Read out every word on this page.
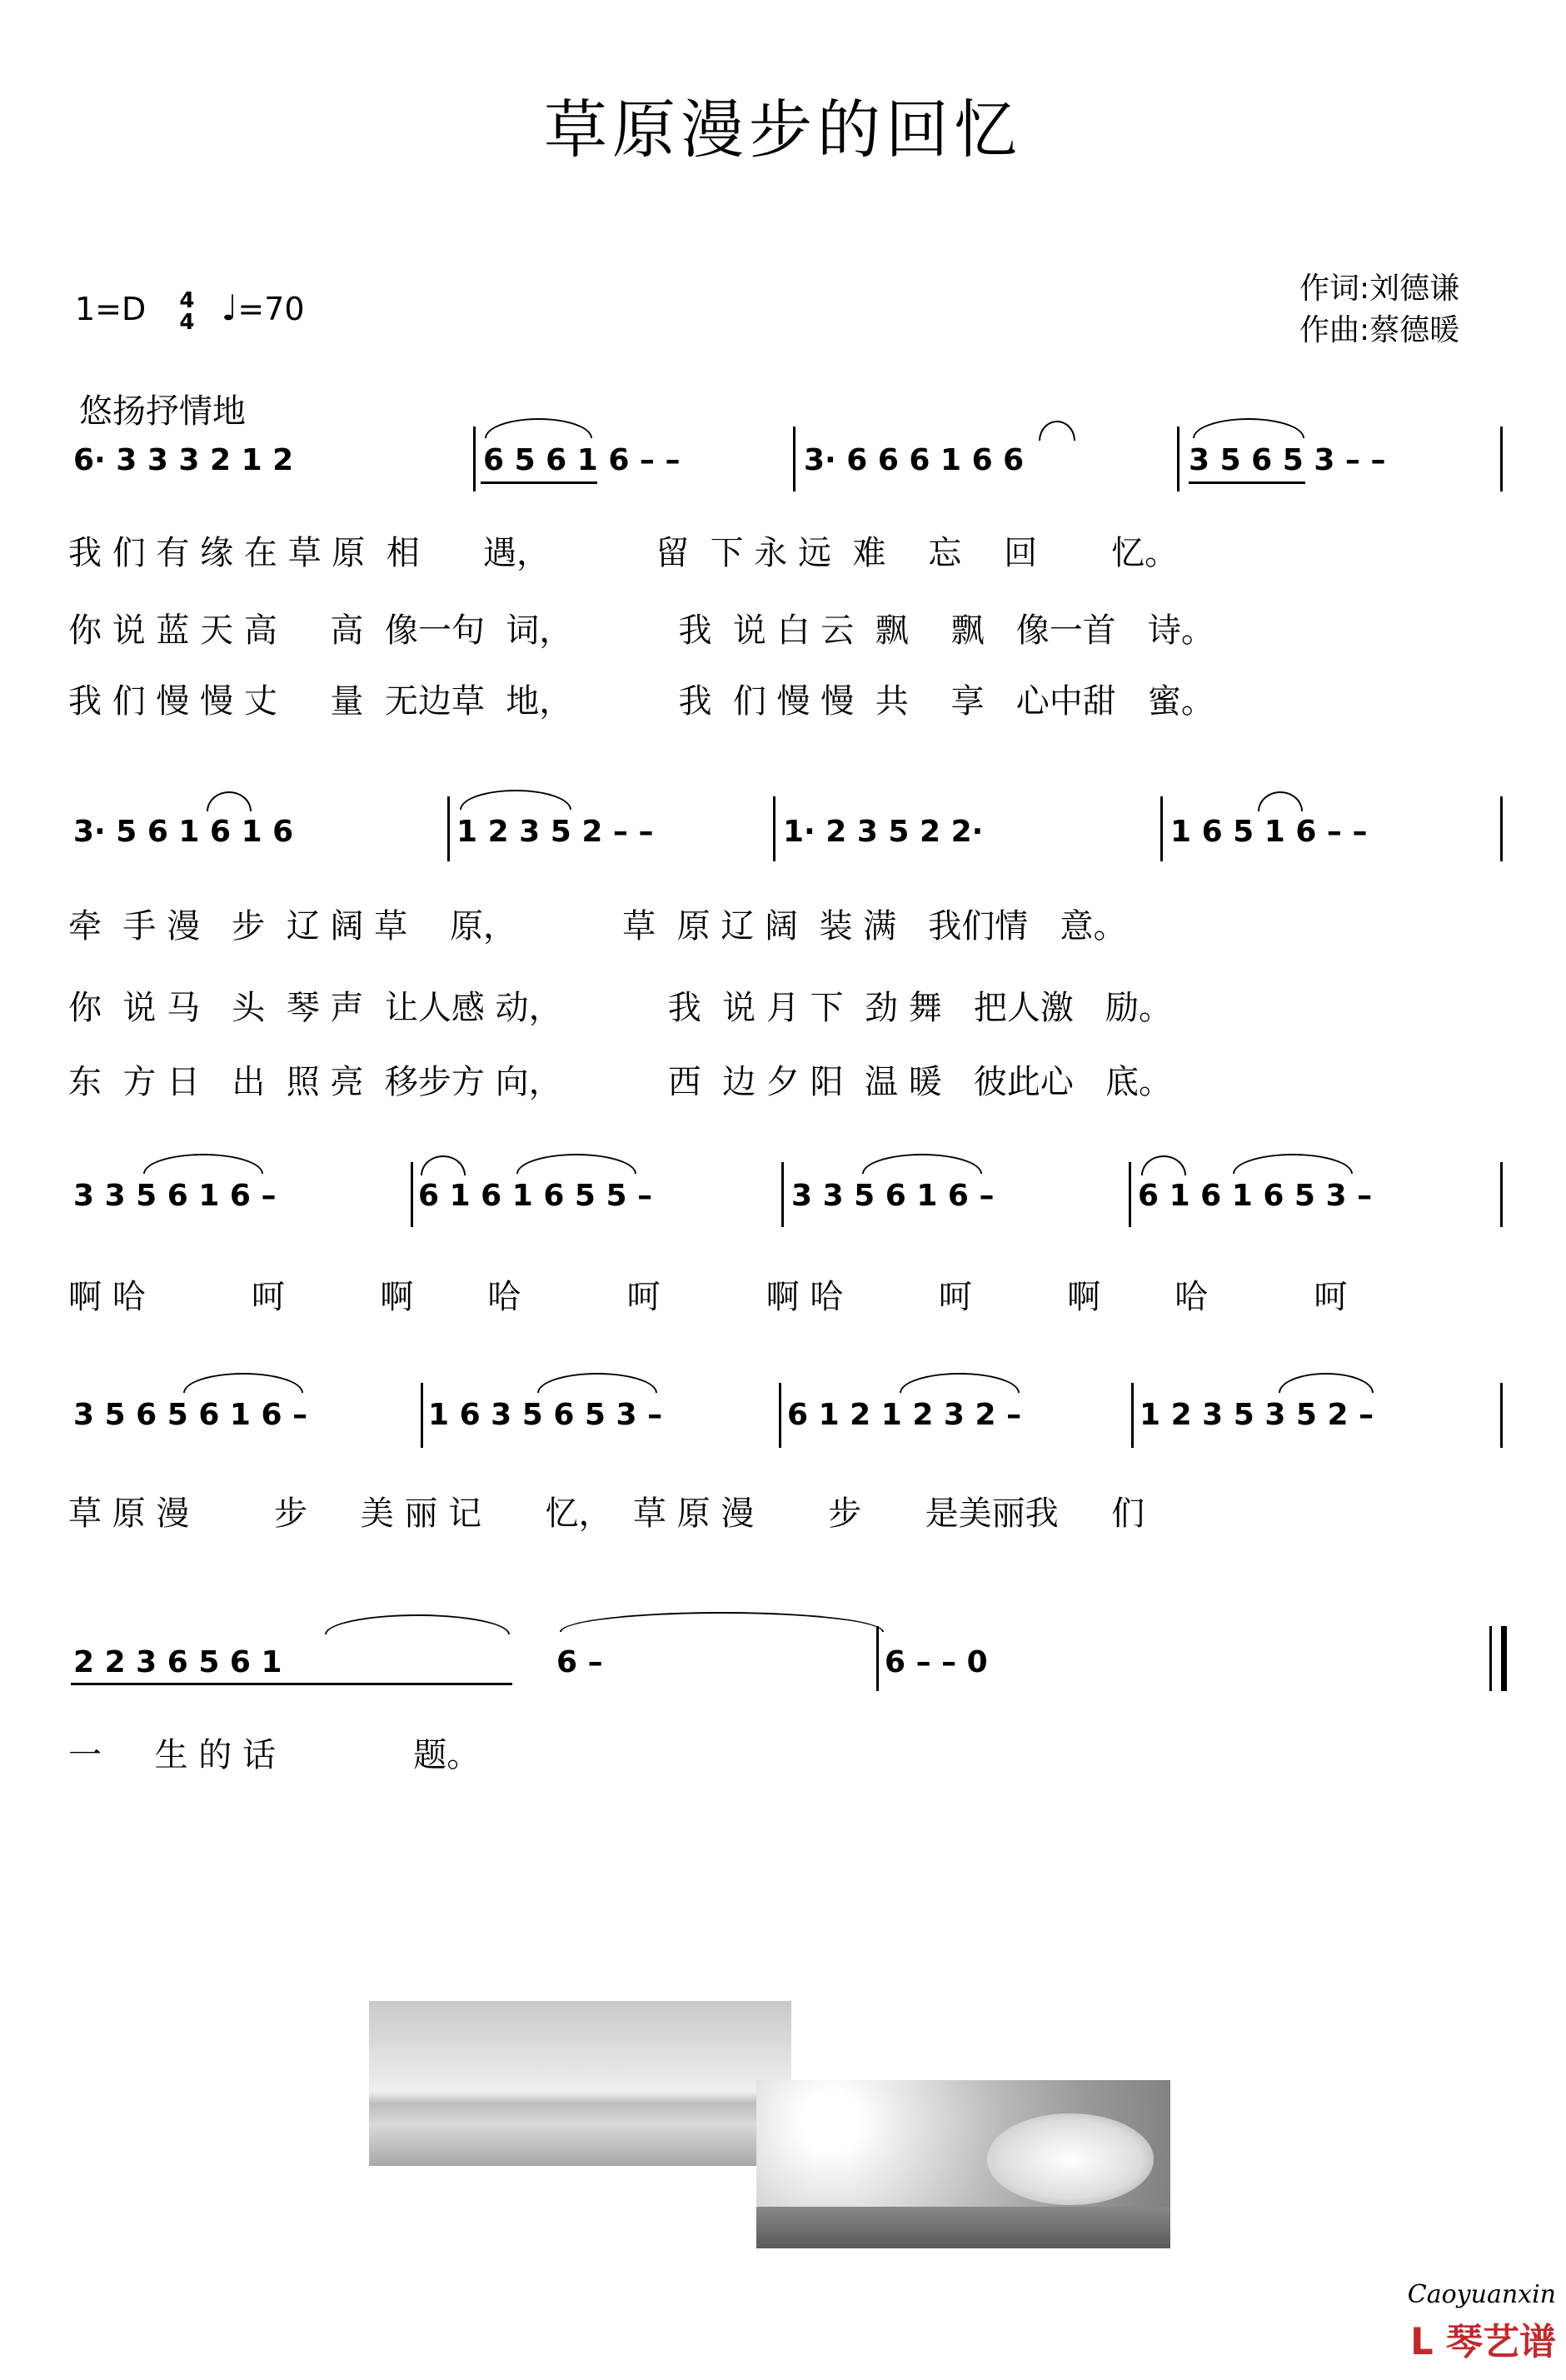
草原漫步的回忆
1=D 4
4 ♩=70
作词:刘德谦
作曲:蔡德暖
悠扬抒情地
6· 3 3 3 2 1 2	6 5 6 1 6 – –	3· 6 6 6 1 6 6	3 5 6 5 3 – –
我 们 有 缘 在 草 原  相      遇，          留  下 永 远  难    忘    回       忆。
你 说 蓝 天 高     高  像一句  词，          我  说 白 云  飘    飘   像一首   诗。
我 们 慢 慢 丈     量  无边草  地，          我  们 慢 慢  共    享   心中甜   蜜。
3· 5 6 1 6 1 6	1 2 3 5 2 – –	1· 2 3 5 2 2·	1 6 5 1 6 – –
牵  手 漫   步  辽 阔 草    原，          草  原 辽 阔  装 满   我们情   意。
你  说 马   头  琴 声  让人感 动，          我  说 月 下  劲 舞   把人激   励。
东  方 日   出  照 亮  移步方 向，          西  边 夕 阳  温 暖   彼此心   底。
3 3 5 6 1 6 –	6 1 6 1 6 5 5 –	3 3 5 6 1 6 –	6 1 6 1 6 5 3 –
啊 哈          呵         啊       哈          呵          啊 哈         呵         啊       哈          呵
3 5 6 5 6 1 6 –	1 6 3 5 6 5 3 –	6 1 2 1 2 3 2 –	1 2 3 5 3 5 2 –
草 原 漫        步     美 丽 记      忆，  草 原 漫       步      是美丽我     们
2 2 3 6 5 6 1	6 –	6 – – 0
一     生 的 话             题。
Caoyuanxin
ᒪ 琴艺谱
